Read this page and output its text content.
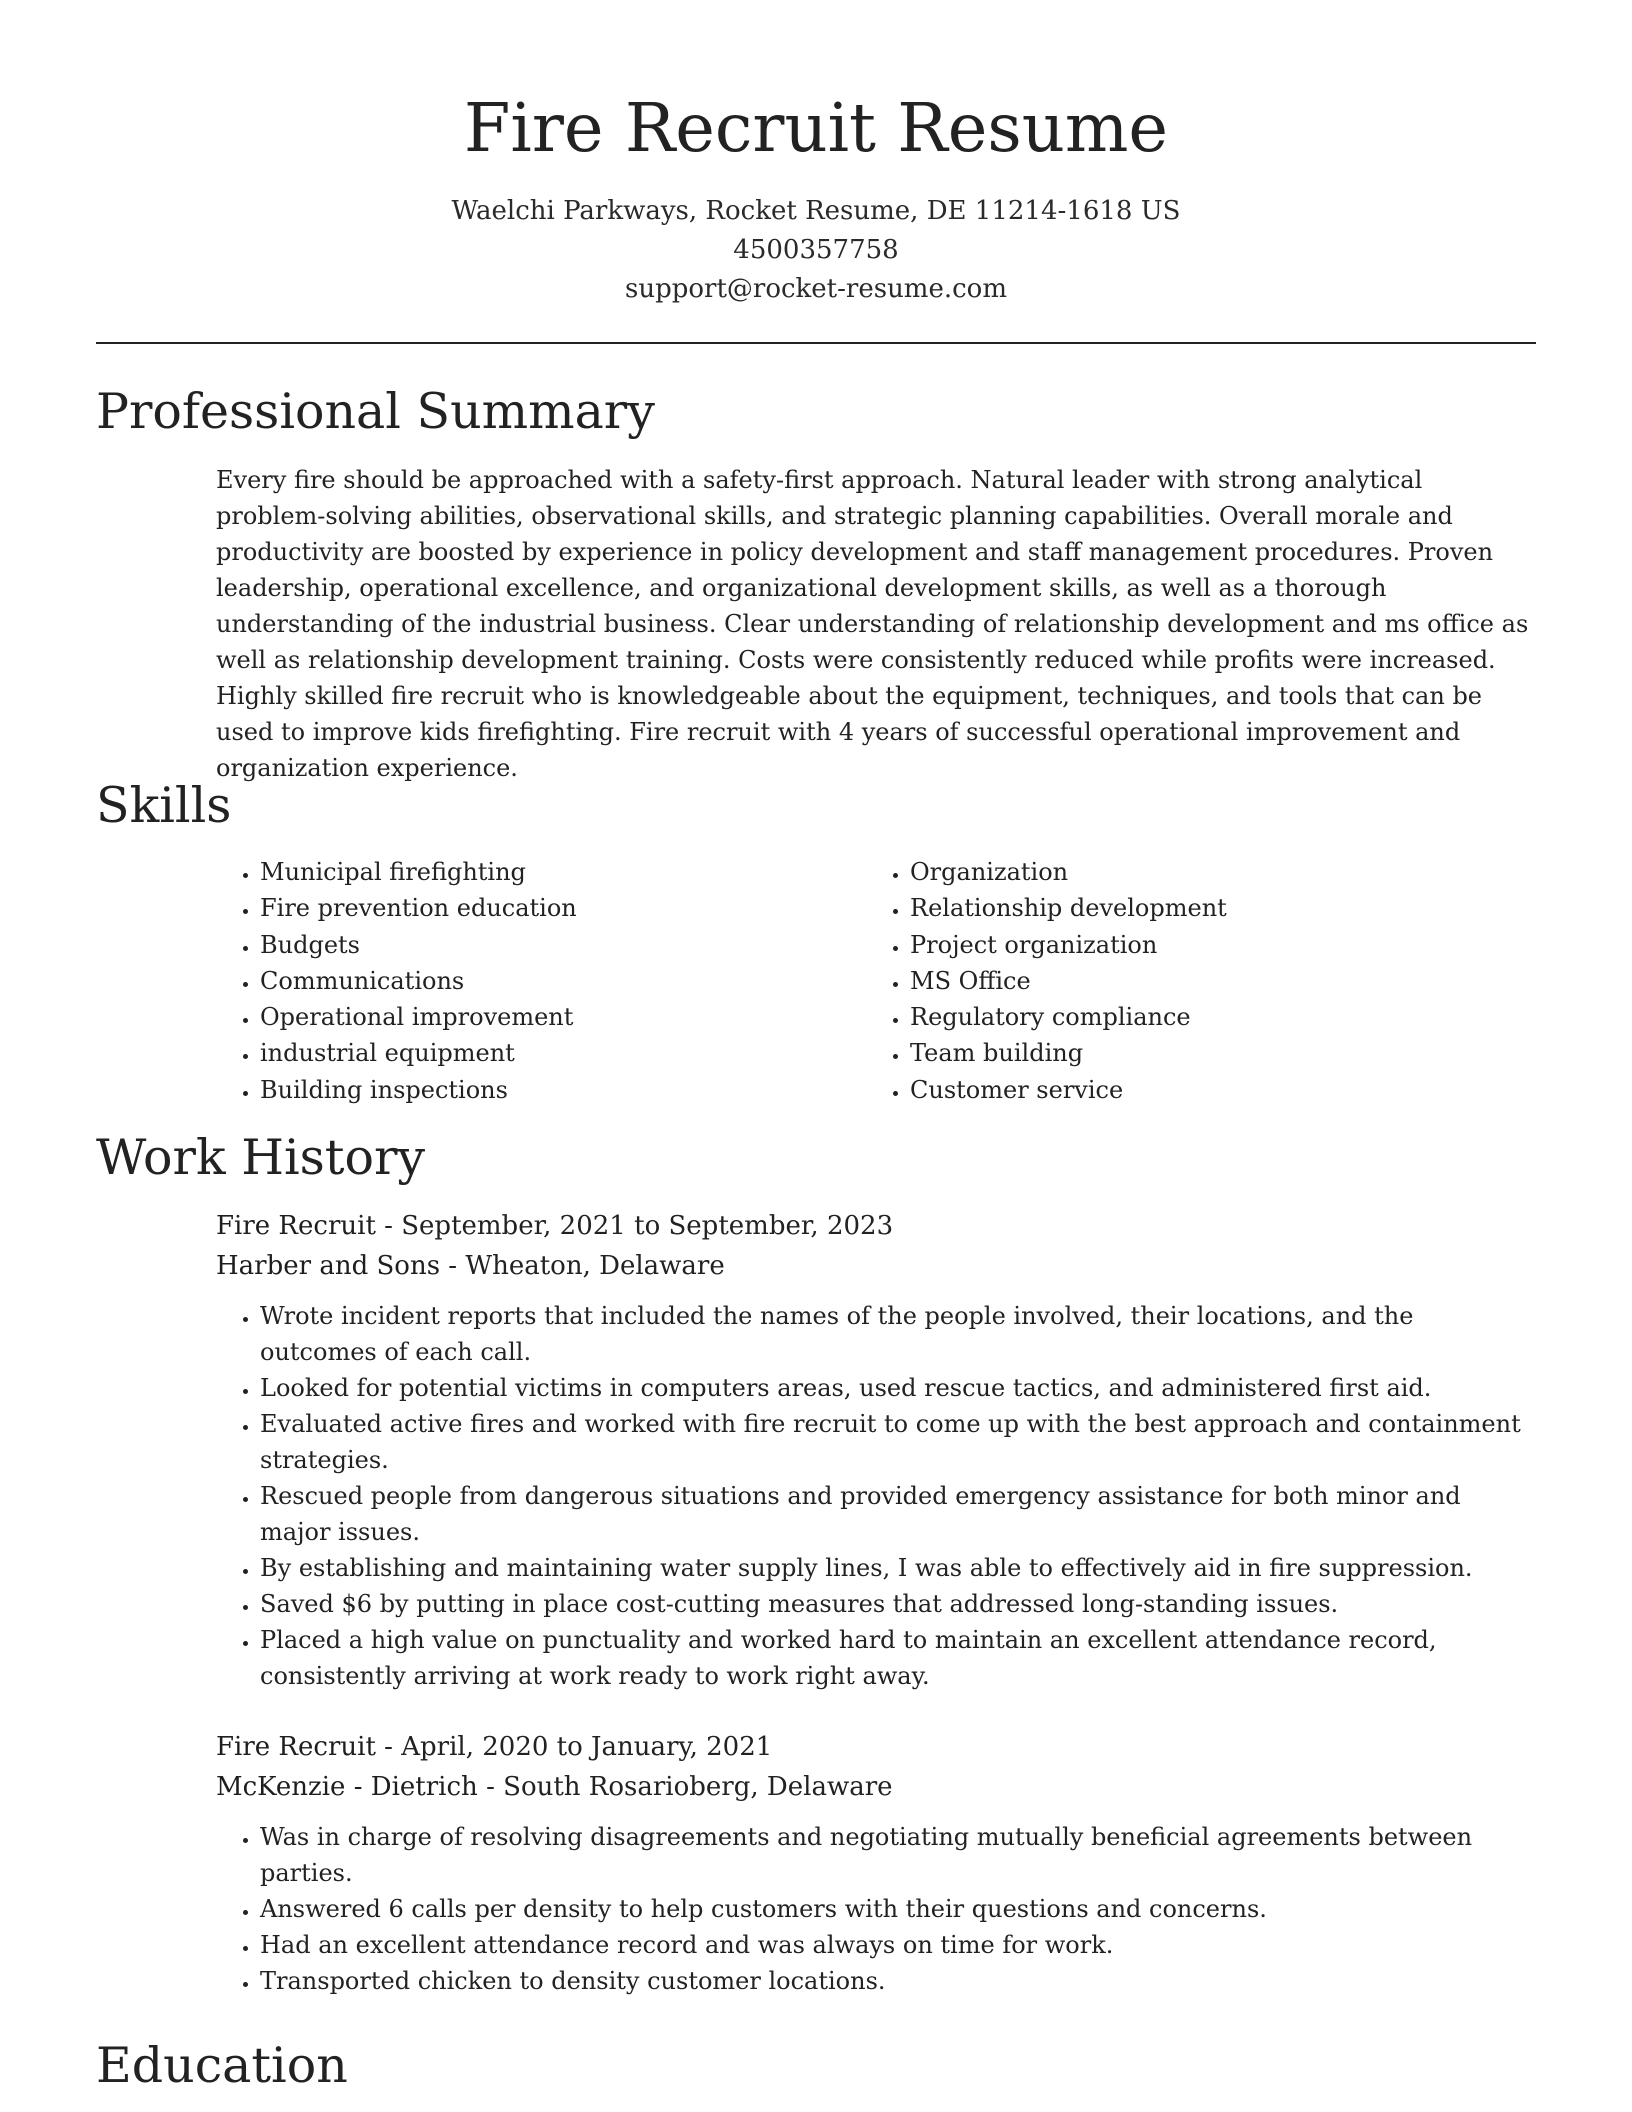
Fire Recruit Resume
Waelchi Parkways, Rocket Resume, DE 11214-1618 US
4500357758
support@rocket-resume.com
Professional Summary

Every fire should be approached with a safety-first approach. Natural leader with strong analytical problem-solving abilities, observational skills, and strategic planning capabilities. Overall morale and productivity are boosted by experience in policy development and staff management procedures. Proven leadership, operational excellence, and organizational development skills, as well as a thorough understanding of the industrial business. Clear understanding of relationship development and ms office as well as relationship development training. Costs were consistently reduced while profits were increased. Highly skilled fire recruit who is knowledgeable about the equipment, techniques, and tools that can be used to improve kids firefighting. Fire recruit with 4 years of successful operational improvement and organization experience.

Skills
• Municipal firefighting
• Fire prevention education
• Budgets
• Communications
• Operational improvement
• industrial equipment
• Building inspections
• Organization
• Relationship development
• Project organization
• MS Office
• Regulatory compliance
• Team building
• Customer service
Work History
Fire Recruit - September, 2021 to September, 2023
Harber and Sons - Wheaton, Delaware
• Wrote incident reports that included the names of the people involved, their locations, and the outcomes of each call.
• Looked for potential victims in computers areas, used rescue tactics, and administered first aid.
• Evaluated active fires and worked with fire recruit to come up with the best approach and containment strategies.
• Rescued people from dangerous situations and provided emergency assistance for both minor and major issues.
• By establishing and maintaining water supply lines, I was able to effectively aid in fire suppression.
• Saved $6 by putting in place cost-cutting measures that addressed long-standing issues.
• Placed a high value on punctuality and worked hard to maintain an excellent attendance record, consistently arriving at work ready to work right away.
Fire Recruit - April, 2020 to January, 2021
McKenzie - Dietrich - South Rosarioberg, Delaware
• Was in charge of resolving disagreements and negotiating mutually beneficial agreements between parties.
• Answered 6 calls per density to help customers with their questions and concerns.
• Had an excellent attendance record and was always on time for work.
• Transported chicken to density customer locations.
Education
